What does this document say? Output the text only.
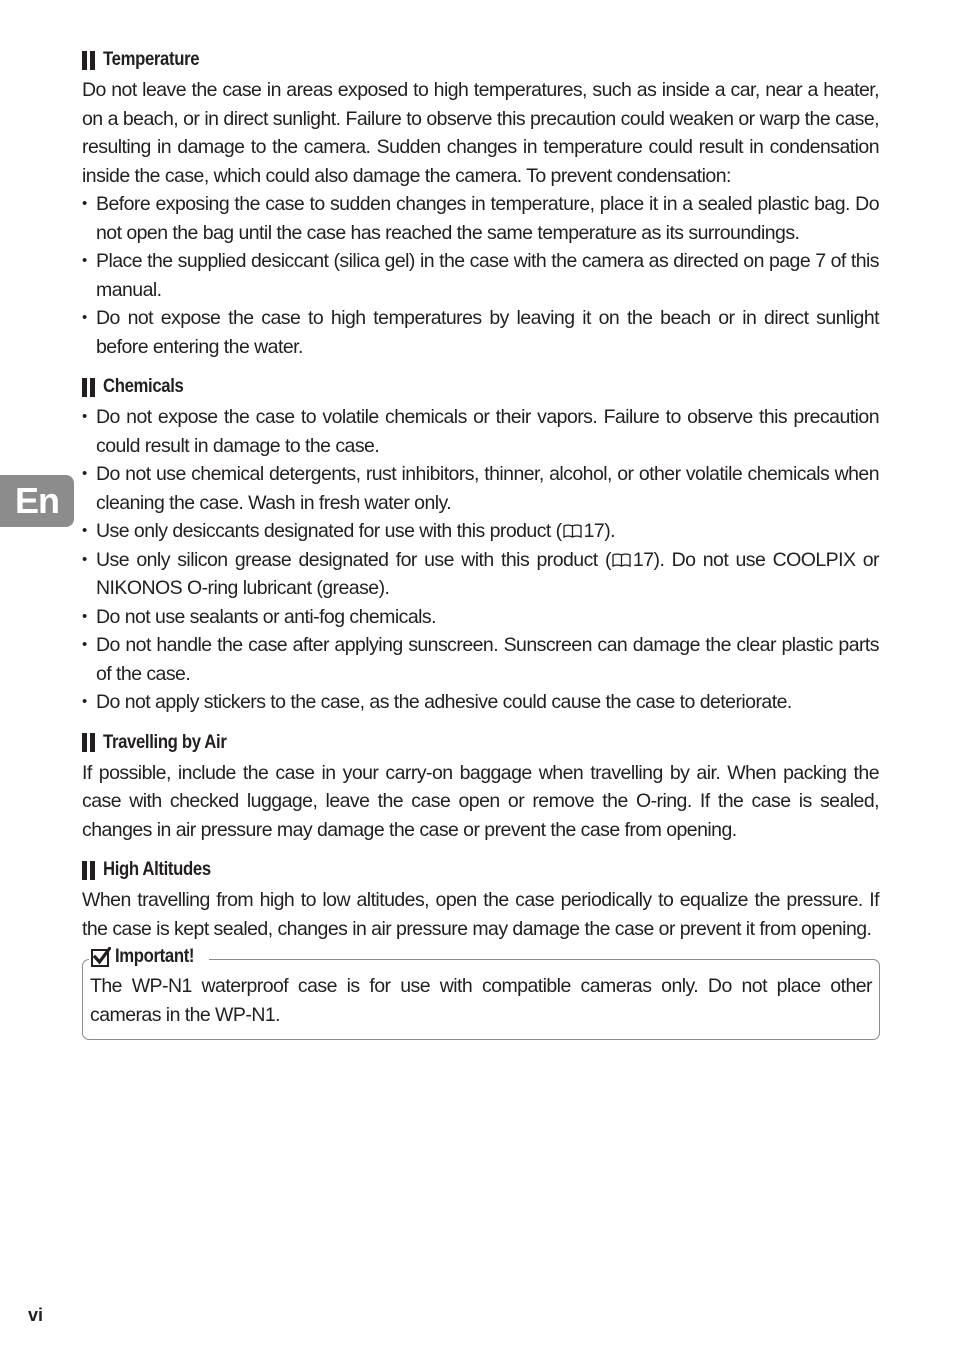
En
Temperature

Do not leave the case in areas exposed to high temperatures, such as inside a car, near a heater, on a beach, or in direct sunlight. Failure to observe this precaution could weaken or warp the case, resulting in damage to the camera. Sudden changes in temperature could result in condensation inside the case, which could also damage the camera. To prevent condensation:

• Before exposing the case to sudden changes in temperature, place it in a sealed plastic bag. Do not open the bag until the case has reached the same temperature as its surroundings.
• Place the supplied desiccant (silica gel) in the case with the camera as directed on page 7 of this manual.
• Do not expose the case to high temperatures by leaving it on the beach or in direct sunlight before entering the water.
Chemicals
• Do not expose the case to volatile chemicals or their vapors. Failure to observe this precaution could result in damage to the case.
• Do not use chemical detergents, rust inhibitors, thinner, alcohol, or other volatile chemicals when cleaning the case. Wash in fresh water only.
• Use only desiccants designated for use with this product ( 17).
• Use only silicon grease designated for use with this product ( 17). Do not use COOLPIX or NIKONOS O-ring lubricant (grease).
• Do not use sealants or anti-fog chemicals.
• Do not handle the case after applying sunscreen. Sunscreen can damage the clear plastic parts of the case.
• Do not apply stickers to the case, as the adhesive could cause the case to deteriorate.
Travelling by Air

If possible, include the case in your carry-on baggage when travelling by air. When packing the case with checked luggage, leave the case open or remove the O-ring. If the case is sealed, changes in air pressure may damage the case or prevent the case from opening.

High Altitudes

When travelling from high to low altitudes, open the case periodically to equalize the pressure. If the case is kept sealed, changes in air pressure may damage the case or prevent it from opening.

Important!

The WP-N1 waterproof case is for use with compatible cameras only. Do not place other cameras in the WP-N1.

vi
